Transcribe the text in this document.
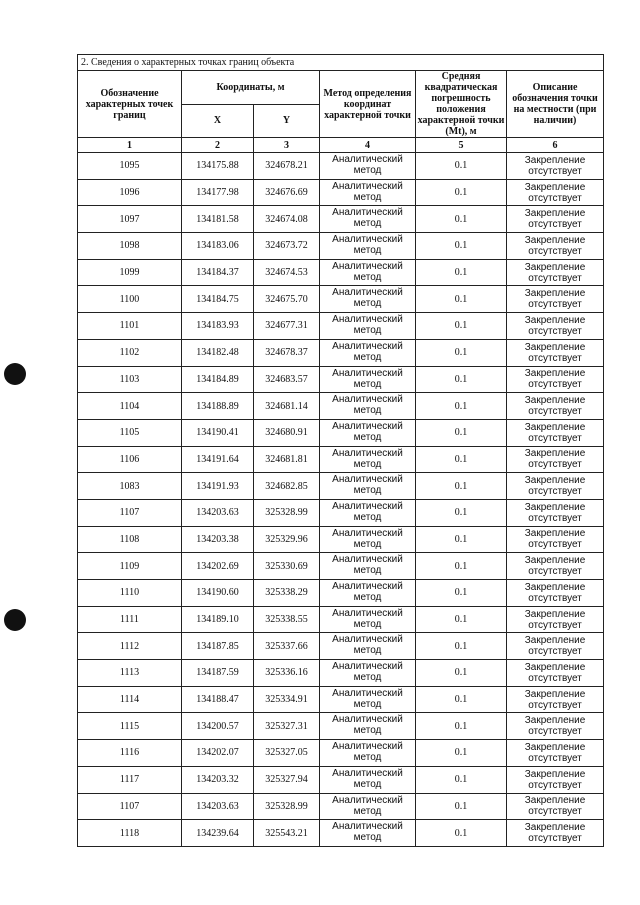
2. Сведения о характерных точках границ объекта					
Обозначение характерных точек границ	Координаты, м		Метод определения координат характерной точки	Средняя квадратическая погрешность положения характерной точки (Mt), м	Описание обозначения точки на местности (при наличии)
	X	Y			
1	2	3	4	5	6
1095	134175.88	324678.21	Аналитический метод	0.1	Закрепление отсутствует
1096	134177.98	324676.69	Аналитический метод	0.1	Закрепление отсутствует
1097	134181.58	324674.08	Аналитический метод	0.1	Закрепление отсутствует
1098	134183.06	324673.72	Аналитический метод	0.1	Закрепление отсутствует
1099	134184.37	324674.53	Аналитический метод	0.1	Закрепление отсутствует
1100	134184.75	324675.70	Аналитический метод	0.1	Закрепление отсутствует
1101	134183.93	324677.31	Аналитический метод	0.1	Закрепление отсутствует
1102	134182.48	324678.37	Аналитический метод	0.1	Закрепление отсутствует
1103	134184.89	324683.57	Аналитический метод	0.1	Закрепление отсутствует
1104	134188.89	324681.14	Аналитический метод	0.1	Закрепление отсутствует
1105	134190.41	324680.91	Аналитический метод	0.1	Закрепление отсутствует
1106	134191.64	324681.81	Аналитический метод	0.1	Закрепление отсутствует
1083	134191.93	324682.85	Аналитический метод	0.1	Закрепление отсутствует
1107	134203.63	325328.99	Аналитический метод	0.1	Закрепление отсутствует
1108	134203.38	325329.96	Аналитический метод	0.1	Закрепление отсутствует
1109	134202.69	325330.69	Аналитический метод	0.1	Закрепление отсутствует
1110	134190.60	325338.29	Аналитический метод	0.1	Закрепление отсутствует
1111	134189.10	325338.55	Аналитический метод	0.1	Закрепление отсутствует
1112	134187.85	325337.66	Аналитический метод	0.1	Закрепление отсутствует
1113	134187.59	325336.16	Аналитический метод	0.1	Закрепление отсутствует
1114	134188.47	325334.91	Аналитический метод	0.1	Закрепление отсутствует
1115	134200.57	325327.31	Аналитический метод	0.1	Закрепление отсутствует
1116	134202.07	325327.05	Аналитический метод	0.1	Закрепление отсутствует
1117	134203.32	325327.94	Аналитический метод	0.1	Закрепление отсутствует
1107	134203.63	325328.99	Аналитический метод	0.1	Закрепление отсутствует
1118	134239.64	325543.21	Аналитический метод	0.1	Закрепление отсутствует
